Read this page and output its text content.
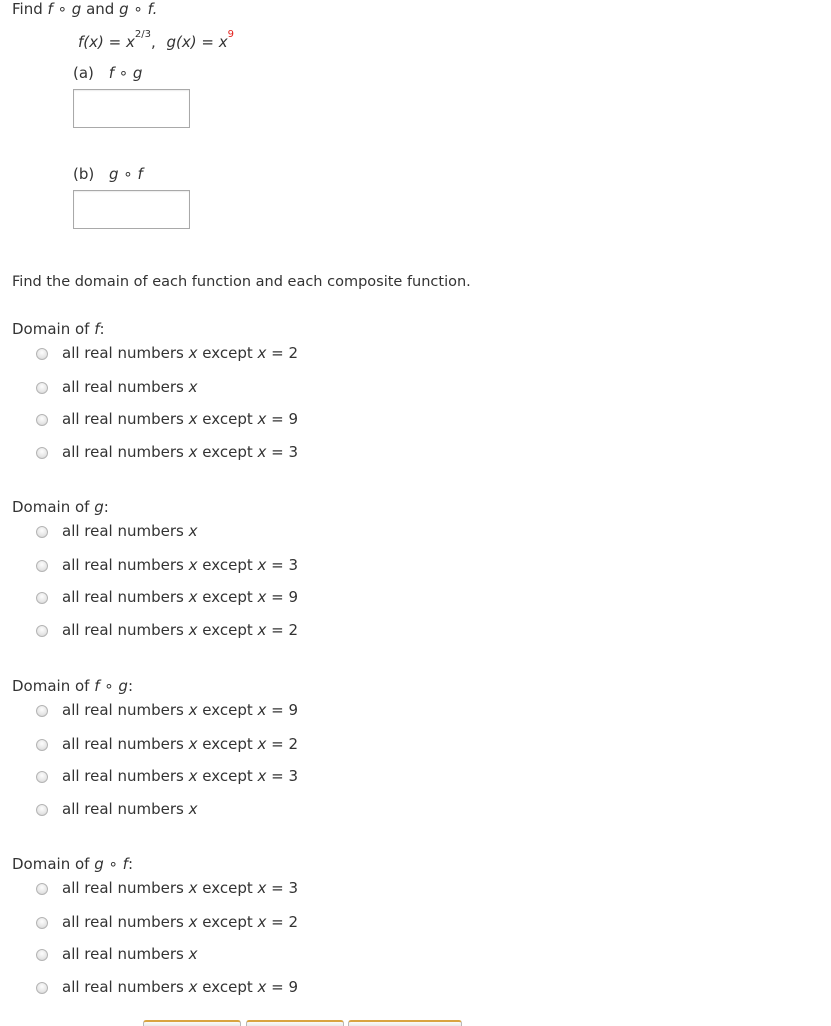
Find f ∘ g and g ∘ f.
$f(x) = x^{2/3}$, $g(x) = x^9$
(a) f ∘ g
(b) g ∘ f
Find the domain of each function and each composite function.
Domain of f:
all real numbers x except x = 2
all real numbers x
all real numbers x except x = 9
all real numbers x except x = 3
Domain of g:
all real numbers x
all real numbers x except x = 3
all real numbers x except x = 9
all real numbers x except x = 2
Domain of f ∘ g:
all real numbers x except x = 9
all real numbers x except x = 2
all real numbers x except x = 3
all real numbers x
Domain of g ∘ f:
all real numbers x except x = 3
all real numbers x except x = 2
all real numbers x
all real numbers x except x = 9
